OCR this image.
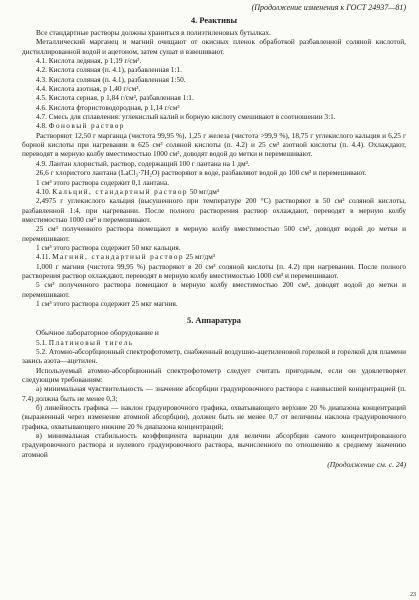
(Продолжение изменения к ГОСТ 24937—81)
4. Реактивы

Все стандартные растворы должны храниться в полиэтиленовых бутылках.

Металлический марганец и магний очищают от окисных пленок обработкой разбавленной соляной кислотой, дистиллированной водой и ацетоном, затем сушат и взвешивают.

4.1. Кислота ледяная, р 1,19 г/см³.

4.2. Кислота соляная (п. 4.1), разбавленная 1:1.

4.3. Кислота соляная (п. 4.1), разбавленная 1:50.

4.4. Кислота азотная, р 1,40 г/см³.

4.5. Кислота серная, р 1,84 г/см³, разбавленная 1:1.

4.6. Кислота фтористоводородная, р 1,14 г/см³

4.7. Смесь для сплавления: углекислый калий и борную кислоту смешивают в соотношении 3:1.

4.8. Фоновый раствор

Растворяют 12,50 г марганца (чистота 99,95 %), 1,25 г железа (чистота >99,9 %), 18,75 г углекислого кальция и 6,25 г борной кислоты при нагревании в 625 см³ соляной кислоты (п. 4.2) и 25 см³ азотной кислоты (п. 4.4). Охлаждают, переводят в мерную колбу вместимостью 1000 см³, доводят водой до метки и перемешивают.

4.9. Лантан хлористый, раствор, содержащий 100 г лантана на 1 дм³.

26,6 г хлористого лантана (LaCl₃·7H₂O) растворяют в воде, разбавляют водой до 100 см³ и перемешивают.

1 см³ этого раствора содержит 0,1 лантана.

4.10. Кальций, стандартный раствор 50 мг/дм³

2,4975 г углекислого кальция (высушенного при температуре 200 °C) растворяют в 50 см³ соляной кислоты, разбавленной 1:4, при нагревании. После полного растворения раствор охлаждают, переводят в мерную колбу вместимостью 1000 см³ и перемешивают.

25 см³ полученного раствора помещают в мерную колбу вместимостью 500 см³, доводят водой до метки и перемешивают.

1 см³ этого раствора содержит 50 мкг кальция.

4.11. Магний, стандартный раствор 25 мг/дм³

1,000 г магния (чистота 99,95 %) растворяют в 20 см³ соляной кислоты (п. 4.2) при нагревании. После полного растворения раствор охлаждают, переводят в мерную колбу вместимостью 1000 см³ и перемешивают.

5 см³ полученного раствора помещают в мерную колбу вместимостью 200 см³, доводят водой до метки и перемешивают.

1 см³ этого раствора содержит 25 мкг магния.

5. Аппаратура

Обычное лабораторное оборудование и

5.1. Платиновый тигель

5.2. Атомно-абсорбционный спектрофотометр, снабженный воздушно-ацетиленовой горелкой и горелкой для пламени закись азота—ацетилен.

Используемый атомно-абсорбционный спектрофотометр следует считать пригодным, если он удовлетворяет следующим требованиям:

а) минимальная чувствительность — значение абсорбции градуировочного раствора с наивысшей концентрацией (п. 7.4) должна быть не менее 0,3;

б) линейность графика — наклон градуировочного графика, охватывающего верхние 20 % диапазона концентраций (выраженный через изменение атомной абсорбции), должен быть не менее 0,7 от величины наклона градуировочного графика, охватывающего нижние 20 % диапазона концентраций;

в) минимальная стабильность коэффициента вариации для величин абсорбции самого концентрированного градуировочного раствора и нулевого градуировочного раствора, вычисленного по отношению к среднему значению атомной

(Продолжение см. с. 24)
23
